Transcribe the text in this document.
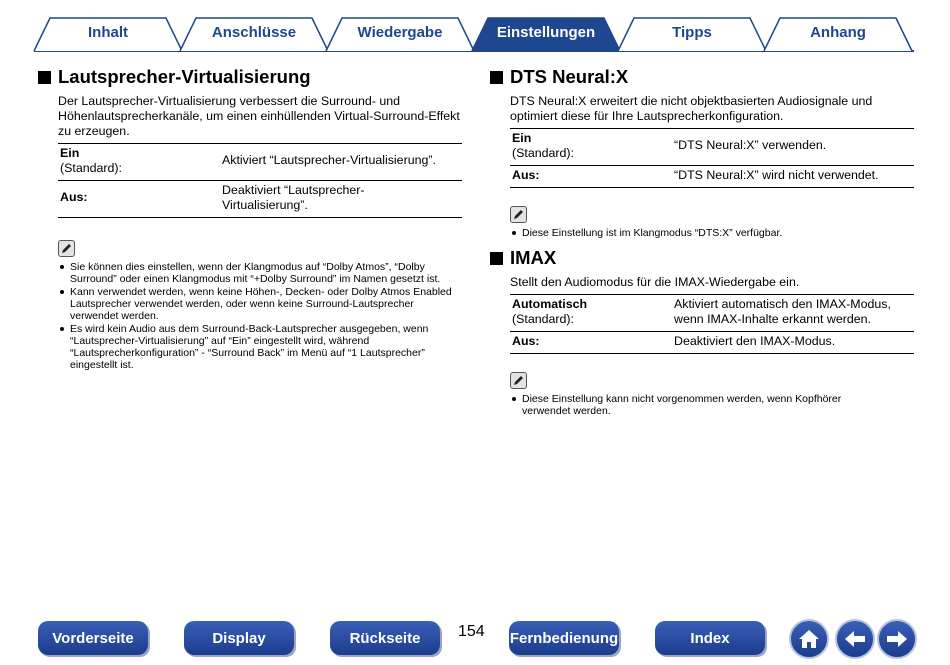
Inhalt	Anschlüsse	Wiedergabe	Einstellungen	Tipps	Anhang
Lautsprecher-Virtualisierung

Der Lautsprecher-Virtualisierung verbessert die Surround- und Höhenlautsprecherkanäle, um einen einhüllenden Virtual-Surround-Effekt zu erzeugen.

Ein
(Standard):	Aktiviert “Lautsprecher-Virtualisierung”.
Aus:	Deaktiviert “Lautsprecher-Virtualisierung”.
Sie können dies einstellen, wenn der Klangmodus auf “Dolby Atmos”, “Dolby Surround” oder einen Klangmodus mit “+Dolby Surround” im Namen gesetzt ist.
Kann verwendet werden, wenn keine Höhen-, Decken- oder Dolby Atmos Enabled Lautsprecher verwendet werden, oder wenn keine Surround-Lautsprecher verwendet werden.
Es wird kein Audio aus dem Surround-Back-Lautsprecher ausgegeben, wenn “Lautsprecher-Virtualisierung” auf “Ein” eingestellt wird, während “Lautsprecherkonfiguration” - “Surround Back” im Menü auf “1 Lautsprecher” eingestellt ist.
DTS Neural:X

DTS Neural:X erweitert die nicht objektbasierten Audiosignale und optimiert diese für Ihre Lautsprecherkonfiguration.

Ein
(Standard):	“DTS Neural:X” verwenden.
Aus:	“DTS Neural:X” wird nicht verwendet.
Diese Einstellung ist im Klangmodus “DTS:X” verfügbar.
IMAX

Stellt den Audiomodus für die IMAX-Wiedergabe ein.

Automatisch
(Standard):	Aktiviert automatisch den IMAX-Modus, wenn IMAX-Inhalte erkannt werden.
Aus:	Deaktiviert den IMAX-Modus.
Diese Einstellung kann nicht vorgenommen werden, wenn Kopfhörer verwendet werden.
Vorderseite	Display	Rückseite	154 Fernbedienung	Index
